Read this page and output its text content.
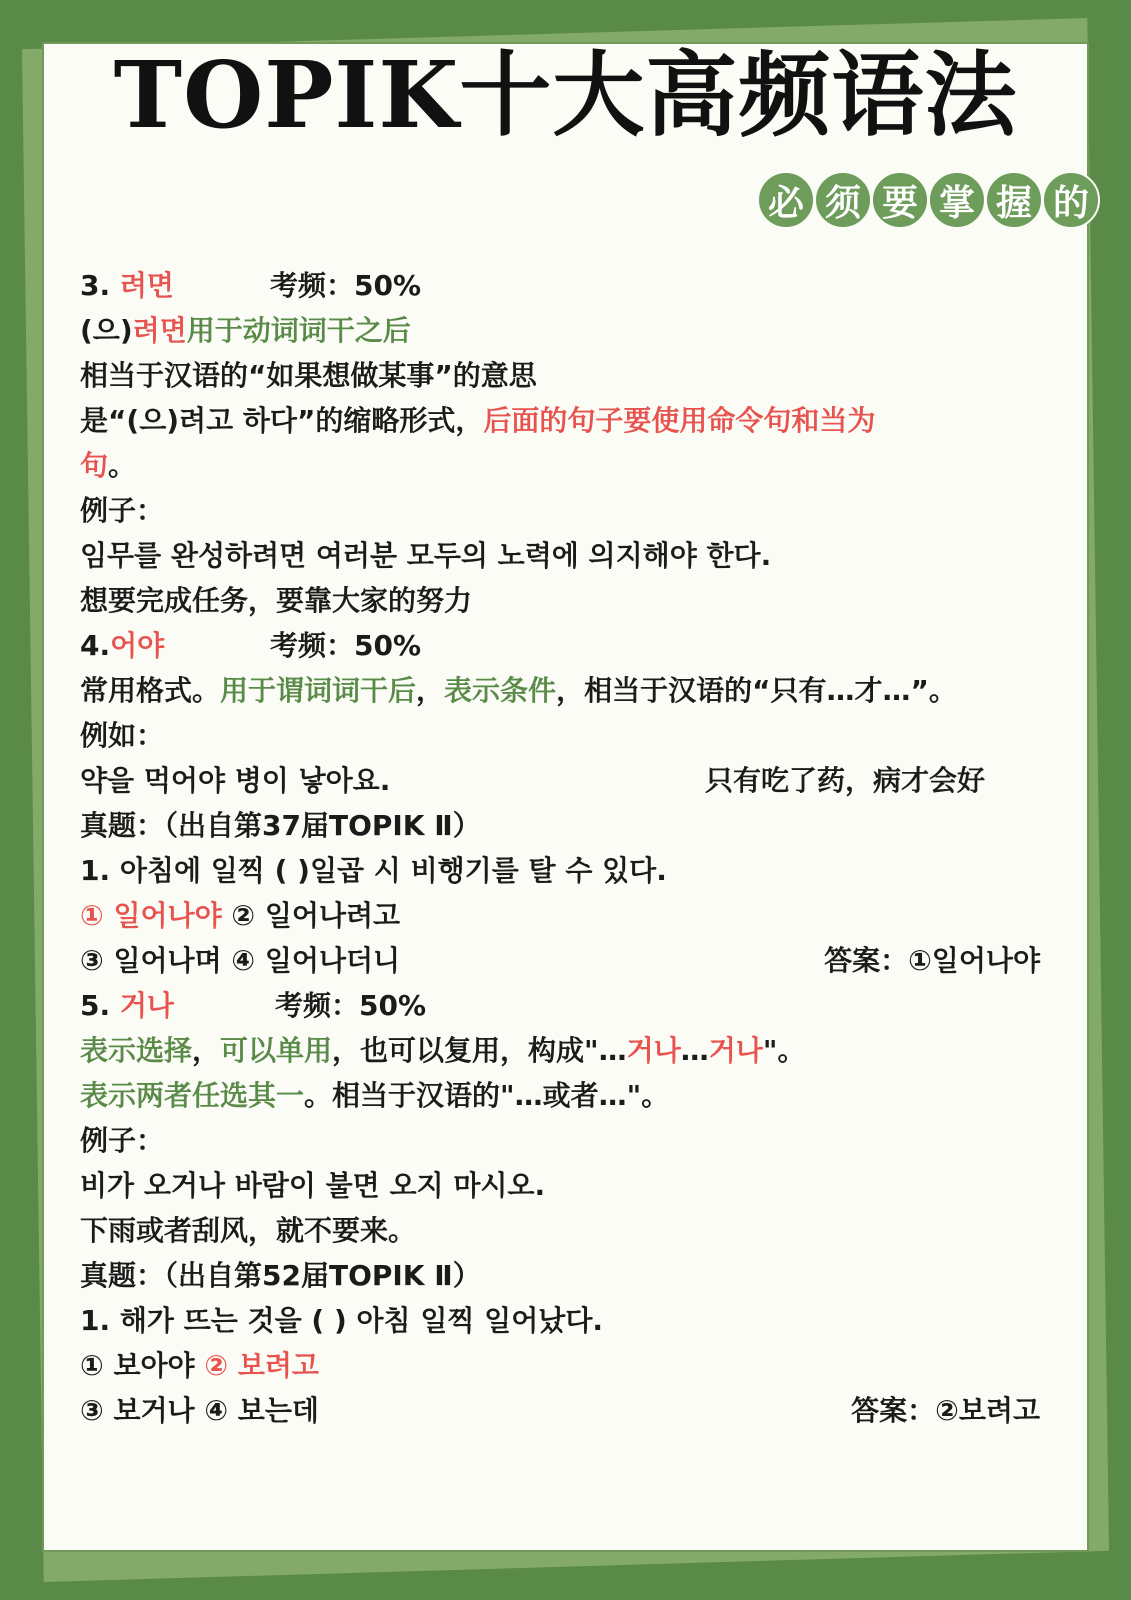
TOPIK十大高频语法
必 须 要 掌 握 的
3. 려면	考频：50%
(으)려면用于动词词干之后
相当于汉语的“如果想做某事”的意思
是“(으)려고 하다”的缩略形式，后面的句子要使用命令句和当为
句。
例子：
임무를 완성하려면 여러분 모두의 노력에 의지해야 한다.
想要完成任务，要靠大家的努力
4.어야	考频：50%
常用格式。用于谓词词干后，表示条件，相当于汉语的“只有…才…”。
例如：
약을 먹어야 병이 낳아요.	只有吃了药，病才会好
真题：（出自第37届TOPIK Ⅱ）
1. 아침에 일찍 ( )일곱 시 비행기를 탈 수 있다.
① 일어나야 ② 일어나려고
③ 일어나며 ④ 일어나더니	答案：①일어나야
5. 거나	考频：50%
表示选择，可以单用，也可以复用，构成"…거나…거나"。
表示两者任选其一。相当于汉语的"…或者…"。
例子：
비가 오거나 바람이 불면 오지 마시오.
下雨或者刮风，就不要来。
真题：（出自第52届TOPIK Ⅱ）
1. 해가 뜨는 것을 ( ) 아침 일찍 일어났다.
① 보아야 ② 보려고
③ 보거나 ④ 보는데	答案：②보려고
